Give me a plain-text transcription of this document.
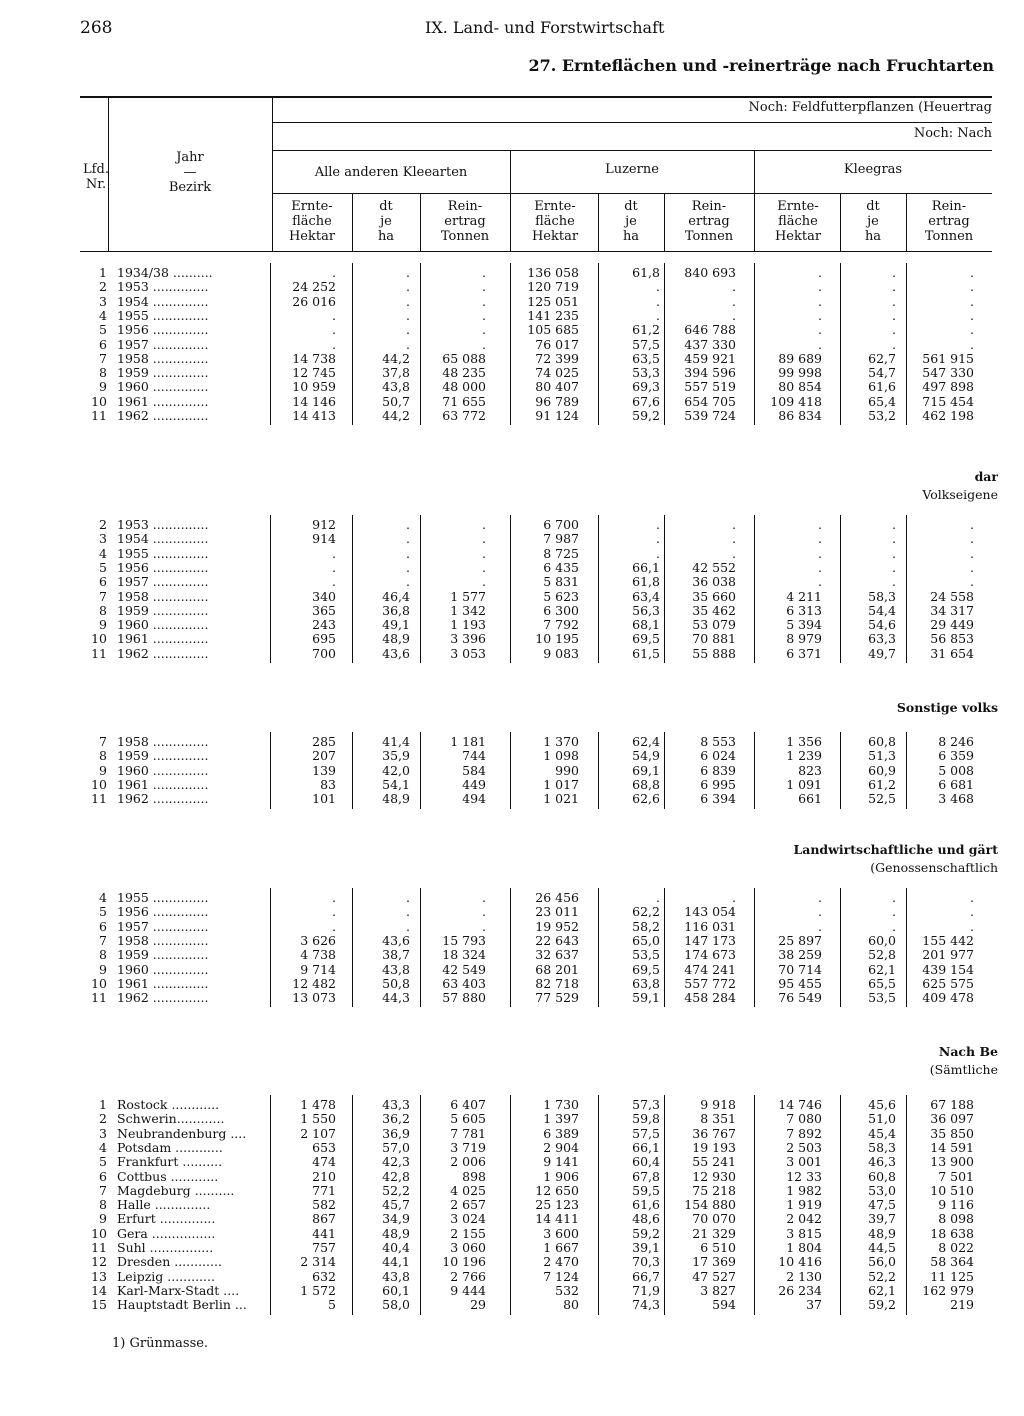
268	IX. Land- und Forstwirtschaft
27. Ernteflächen und -reinerträge nach Fruchtarten
Lfd.
Nr.
Jahr
—
Bezirk
Noch: Feldfutterpflanzen (Heuertrag
Noch: Nach
Alle anderen Kleearten	Luzerne	Kleegras
Ernte-
fläche
Hektar
dt
je
ha
Rein-
ertrag
Tonnen
Ernte-
fläche
Hektar
dt
je
ha
Rein-
ertrag
Tonnen
Ernte-
fläche
Hektar
dt
je
ha
Rein-
ertrag
Tonnen
1 1934/38 ..........	.	.	.	136 058	61,8	840 693	.	.	.
2 1953 ..............	24 252	.	.	120 719	.	.	.	.	.
3 1954 ..............	26 016	.	.	125 051	.	.	.	.	.
4 1955 ..............	.	.	.	141 235	.	.	.	.	.
5 1956 ..............	.	.	.	105 685	61,2	646 788	.	.	.
6 1957 ..............	.	.	.	76 017	57,5	437 330	.	.	.
7 1958 ..............	14 738	44,2	65 088	72 399	63,5	459 921	89 689	62,7	561 915
8 1959 ..............	12 745	37,8	48 235	74 025	53,3	394 596	99 998	54,7	547 330
9 1960 ..............	10 959	43,8	48 000	80 407	69,3	557 519	80 854	61,6	497 898
10 1961 ..............	14 146	50,7	71 655	96 789	67,6	654 705	109 418	65,4	715 454
11 1962 ..............	14 413	44,2	63 772	91 124	59,2	539 724	86 834	53,2	462 198
dar
Volkseigene
2 1953 ..............	912	.	.	6 700	.	.	.	.	.
3 1954 ..............	914	.	.	7 987	.	.	.	.	.
4 1955 ..............	.	.	.	8 725	.	.	.	.	.
5 1956 ..............	.	.	.	6 435	66,1	42 552	.	.	.
6 1957 ..............	.	.	.	5 831	61,8	36 038	.	.	.
7 1958 ..............	340	46,4	1 577	5 623	63,4	35 660	4 211	58,3	24 558
8 1959 ..............	365	36,8	1 342	6 300	56,3	35 462	6 313	54,4	34 317
9 1960 ..............	243	49,1	1 193	7 792	68,1	53 079	5 394	54,6	29 449
10 1961 ..............	695	48,9	3 396	10 195	69,5	70 881	8 979	63,3	56 853
11 1962 ..............	700	43,6	3 053	9 083	61,5	55 888	6 371	49,7	31 654
Sonstige volks
7 1958 ..............	285	41,4	1 181	1 370	62,4	8 553	1 356	60,8	8 246
8 1959 ..............	207	35,9	744	1 098	54,9	6 024	1 239	51,3	6 359
9 1960 ..............	139	42,0	584	990	69,1	6 839	823	60,9	5 008
10 1961 ..............	83	54,1	449	1 017	68,8	6 995	1 091	61,2	6 681
11 1962 ..............	101	48,9	494	1 021	62,6	6 394	661	52,5	3 468
Landwirtschaftliche und gärt
(Genossenschaftlich
4 1955 ..............	.	.	.	26 456	.	.	.	.	.
5 1956 ..............	.	.	.	23 011	62,2	143 054	.	.	.
6 1957 ..............	.	.	.	19 952	58,2	116 031	.	.	.
7 1958 ..............	3 626	43,6	15 793	22 643	65,0	147 173	25 897	60,0	155 442
8 1959 ..............	4 738	38,7	18 324	32 637	53,5	174 673	38 259	52,8	201 977
9 1960 ..............	9 714	43,8	42 549	68 201	69,5	474 241	70 714	62,1	439 154
10 1961 ..............	12 482	50,8	63 403	82 718	63,8	557 772	95 455	65,5	625 575
11 1962 ..............	13 073	44,3	57 880	77 529	59,1	458 284	76 549	53,5	409 478
Nach Be
(Sämtliche
1 Rostock ............	1 478	43,3	6 407	1 730	57,3	9 918	14 746	45,6	67 188
2 Schwerin............	1 550	36,2	5 605	1 397	59,8	8 351	7 080	51,0	36 097
3 Neubrandenburg ....	2 107	36,9	7 781	6 389	57,5	36 767	7 892	45,4	35 850
4 Potsdam ............	653	57,0	3 719	2 904	66,1	19 193	2 503	58,3	14 591
5 Frankfurt ..........	474	42,3	2 006	9 141	60,4	55 241	3 001	46,3	13 900
6 Cottbus ............	210	42,8	898	1 906	67,8	12 930	12 33	60,8	7 501
7 Magdeburg ..........	771	52,2	4 025	12 650	59,5	75 218	1 982	53,0	10 510
8 Halle ..............	582	45,7	2 657	25 123	61,6	154 880	1 919	47,5	9 116
9 Erfurt ..............	867	34,9	3 024	14 411	48,6	70 070	2 042	39,7	8 098
10 Gera ................	441	48,9	2 155	3 600	59,2	21 329	3 815	48,9	18 638
11 Suhl ................	757	40,4	3 060	1 667	39,1	6 510	1 804	44,5	8 022
12 Dresden ............	2 314	44,1	10 196	2 470	70,3	17 369	10 416	56,0	58 364
13 Leipzig ............	632	43,8	2 766	7 124	66,7	47 527	2 130	52,2	11 125
14 Karl-Marx-Stadt ....	1 572	60,1	9 444	532	71,9	3 827	26 234	62,1	162 979
15 Hauptstadt Berlin ...	5	58,0	29	80	74,3	594	37	59,2	219
1) Grünmasse.
